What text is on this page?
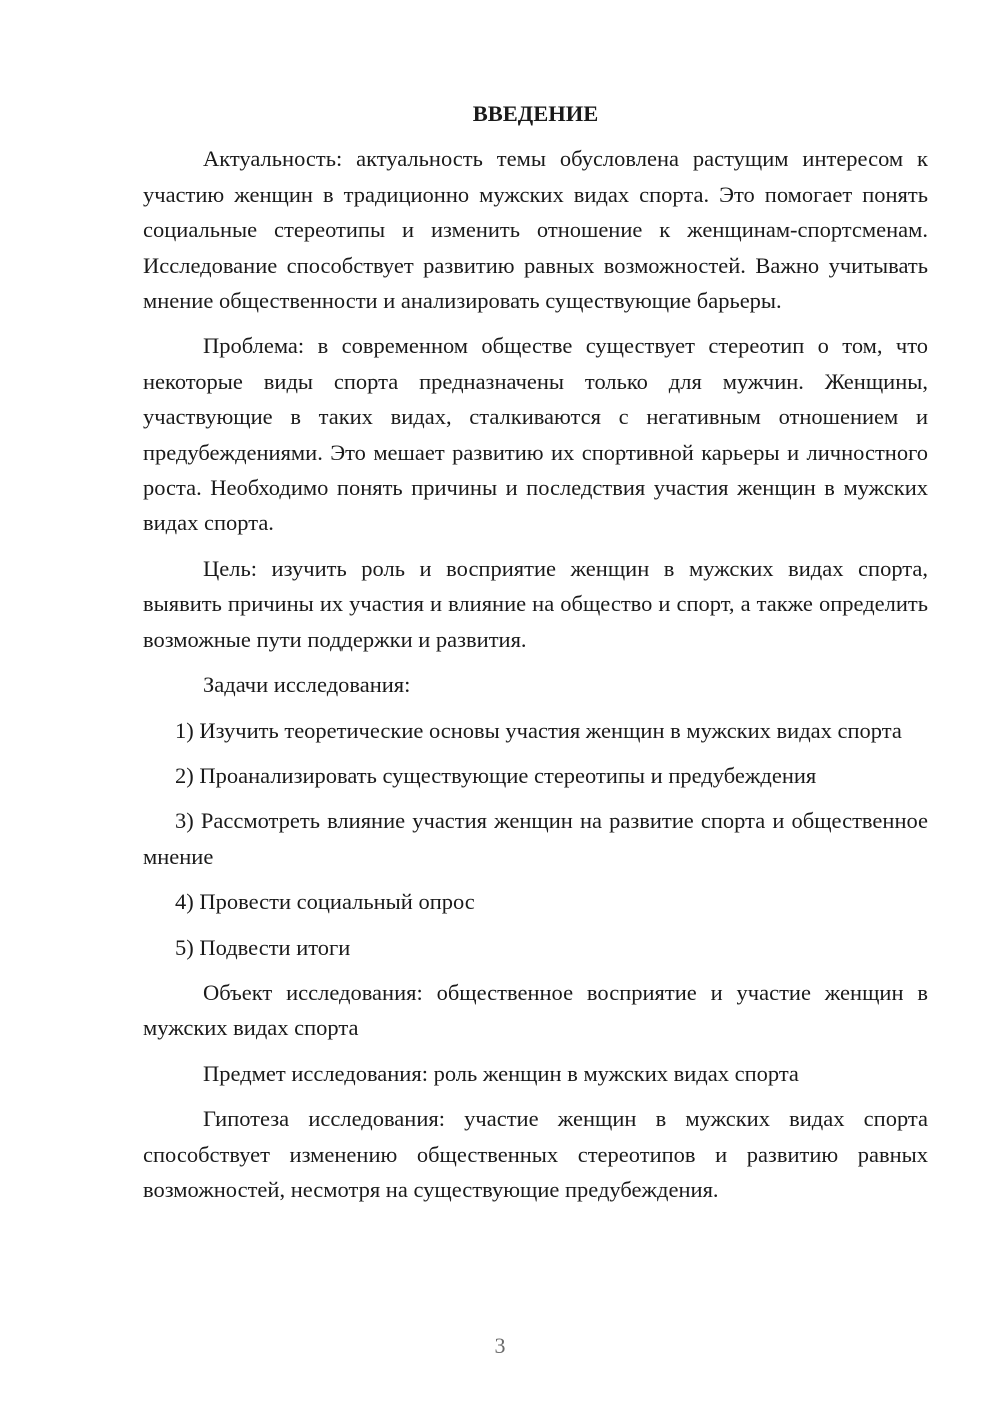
ВВЕДЕНИЕ

Актуальность: актуальность темы обусловлена растущим интересом к участию женщин в традиционно мужских видах спорта. Это помогает понять социальные стереотипы и изменить отношение к женщинам-спортсменам. Исследование способствует развитию равных возможностей. Важно учитывать мнение общественности и анализировать существующие барьеры.

Проблема: в современном обществе существует стереотип о том, что некоторые виды спорта предназначены только для мужчин. Женщины, участвующие в таких видах, сталкиваются с негативным отношением и предубеждениями. Это мешает развитию их спортивной карьеры и личностного роста. Необходимо понять причины и последствия участия женщин в мужских видах спорта.

Цель: изучить роль и восприятие женщин в мужских видах спорта, выявить причины их участия и влияние на общество и спорт, а также определить возможные пути поддержки и развития.

Задачи исследования:

1) Изучить теоретические основы участия женщин в мужских видах спорта

2) Проанализировать существующие стереотипы и предубеждения

3) Рассмотреть влияние участия женщин на развитие спорта и общественное мнение

4) Провести социальный опрос

5) Подвести итоги

Объект исследования: общественное восприятие и участие женщин в мужских видах спорта

Предмет исследования: роль женщин в мужских видах спорта

Гипотеза исследования: участие женщин в мужских видах спорта способствует изменению общественных стереотипов и развитию равных возможностей, несмотря на существующие предубеждения.

3
